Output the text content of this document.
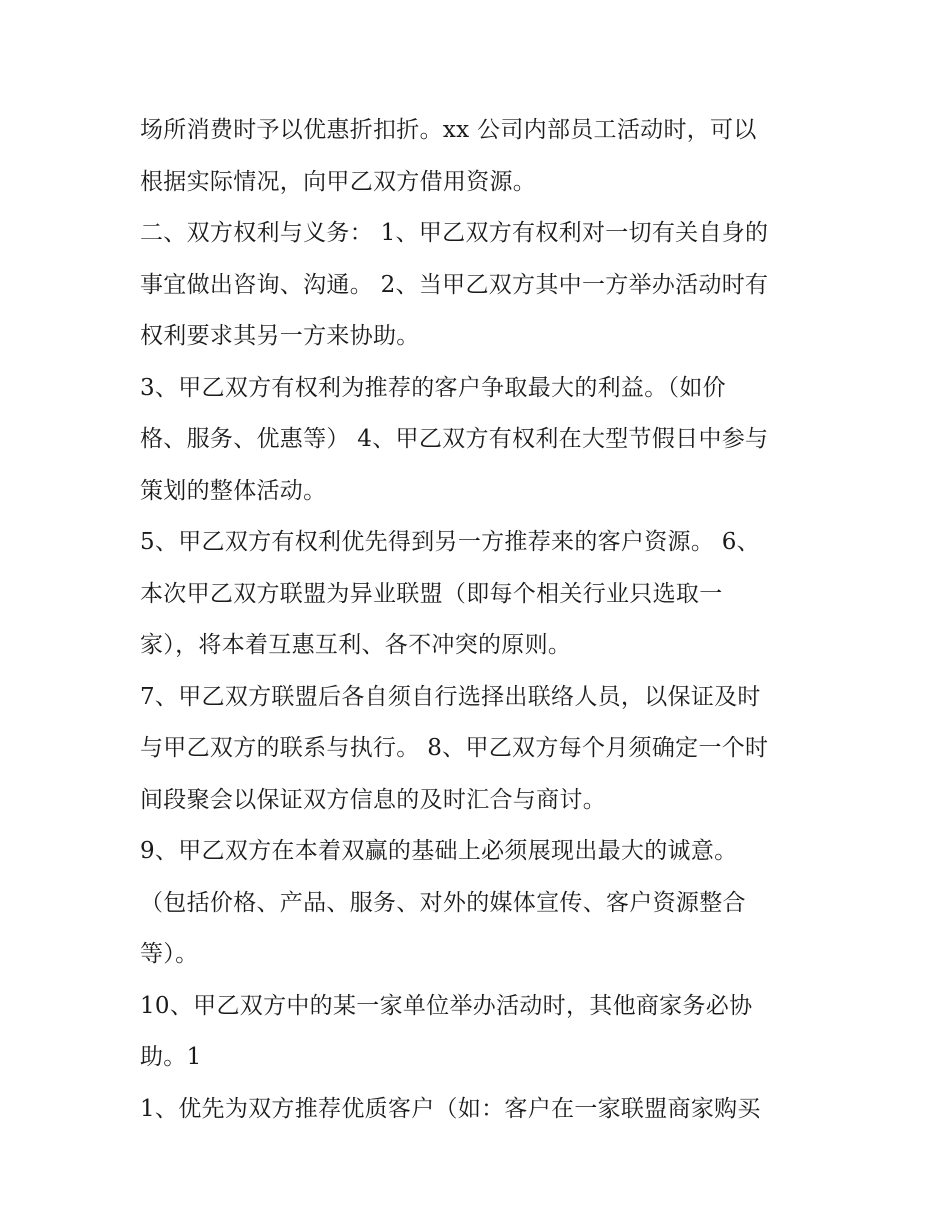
场所消费时予以优惠折扣折。xx 公司内部员工活动时，可以
根据实际情况，向甲乙双方借用资源。
二、双方权利与义务： 1、甲乙双方有权利对一切有关自身的
事宜做出咨询、沟通。 2、当甲乙双方其中一方举办活动时有
权利要求其另一方来协助。
3、甲乙双方有权利为推荐的客户争取最大的利益。（如价
格、服务、优惠等） 4、甲乙双方有权利在大型节假日中参与
策划的整体活动。
5、甲乙双方有权利优先得到另一方推荐来的客户资源。 6、
本次甲乙双方联盟为异业联盟（即每个相关行业只选取一
家），将本着互惠互利、各不冲突的原则。
7、甲乙双方联盟后各自须自行选择出联络人员，以保证及时
与甲乙双方的联系与执行。 8、甲乙双方每个月须确定一个时
间段聚会以保证双方信息的及时汇合与商讨。
9、甲乙双方在本着双赢的基础上必须展现出最大的诚意。
（包括价格、产品、服务、对外的媒体宣传、客户资源整合
等）。
10、甲乙双方中的某一家单位举办活动时，其他商家务必协
助。1
1、优先为双方推荐优质客户（如：客户在一家联盟商家购买
